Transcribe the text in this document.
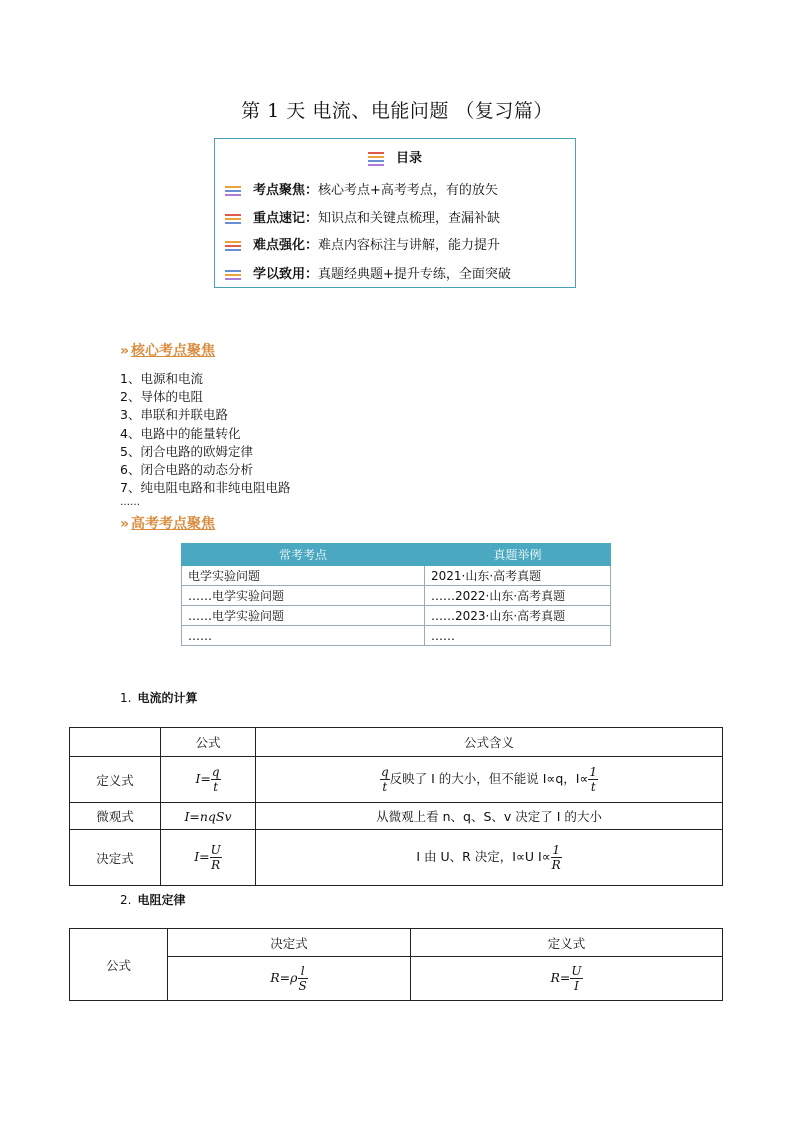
第 1 天 电流、电能问题 （复习篇）
目录
考点聚焦：核心考点+高考考点，有的放矢
重点速记：知识点和关键点梳理，查漏补缺
难点强化：难点内容标注与讲解，能力提升
学以致用：真题经典题+提升专练，全面突破
» 核心考点聚焦
1、电源和电流
2、导体的电阻
3、串联和并联电路
4、电路中的能量转化
5、闭合电路的欧姆定律
6、闭合电路的动态分析
7、纯电阻电路和非纯电阻电路
……
» 高考考点聚焦
常考考点	真题举例
电学实验问题	2021·山东·高考真题
……电学实验问题	……2022·山东·高考真题
……电学实验问题	……2023·山东·高考真题
……	……
1. 电流的计算
	公式	公式含义
定义式	$I= \frac{q}{t}$	$\frac{q}{t}$ 反映了 I 的大小，但不能说 I∝q，$I\propto \frac{1}{t}$

微观式	I=nqSv	从微观上看 n、q、S、v 决定了 I 的大小
决定式	$I= \frac{U}{R}$	I 由 U、R 决定，I∝U $I\propto \frac{1}{R}$
2. 电阻定律
公式	决定式	定义式
	$R=\rho \frac{l}{S}$	$R= \frac{U}{I}$
